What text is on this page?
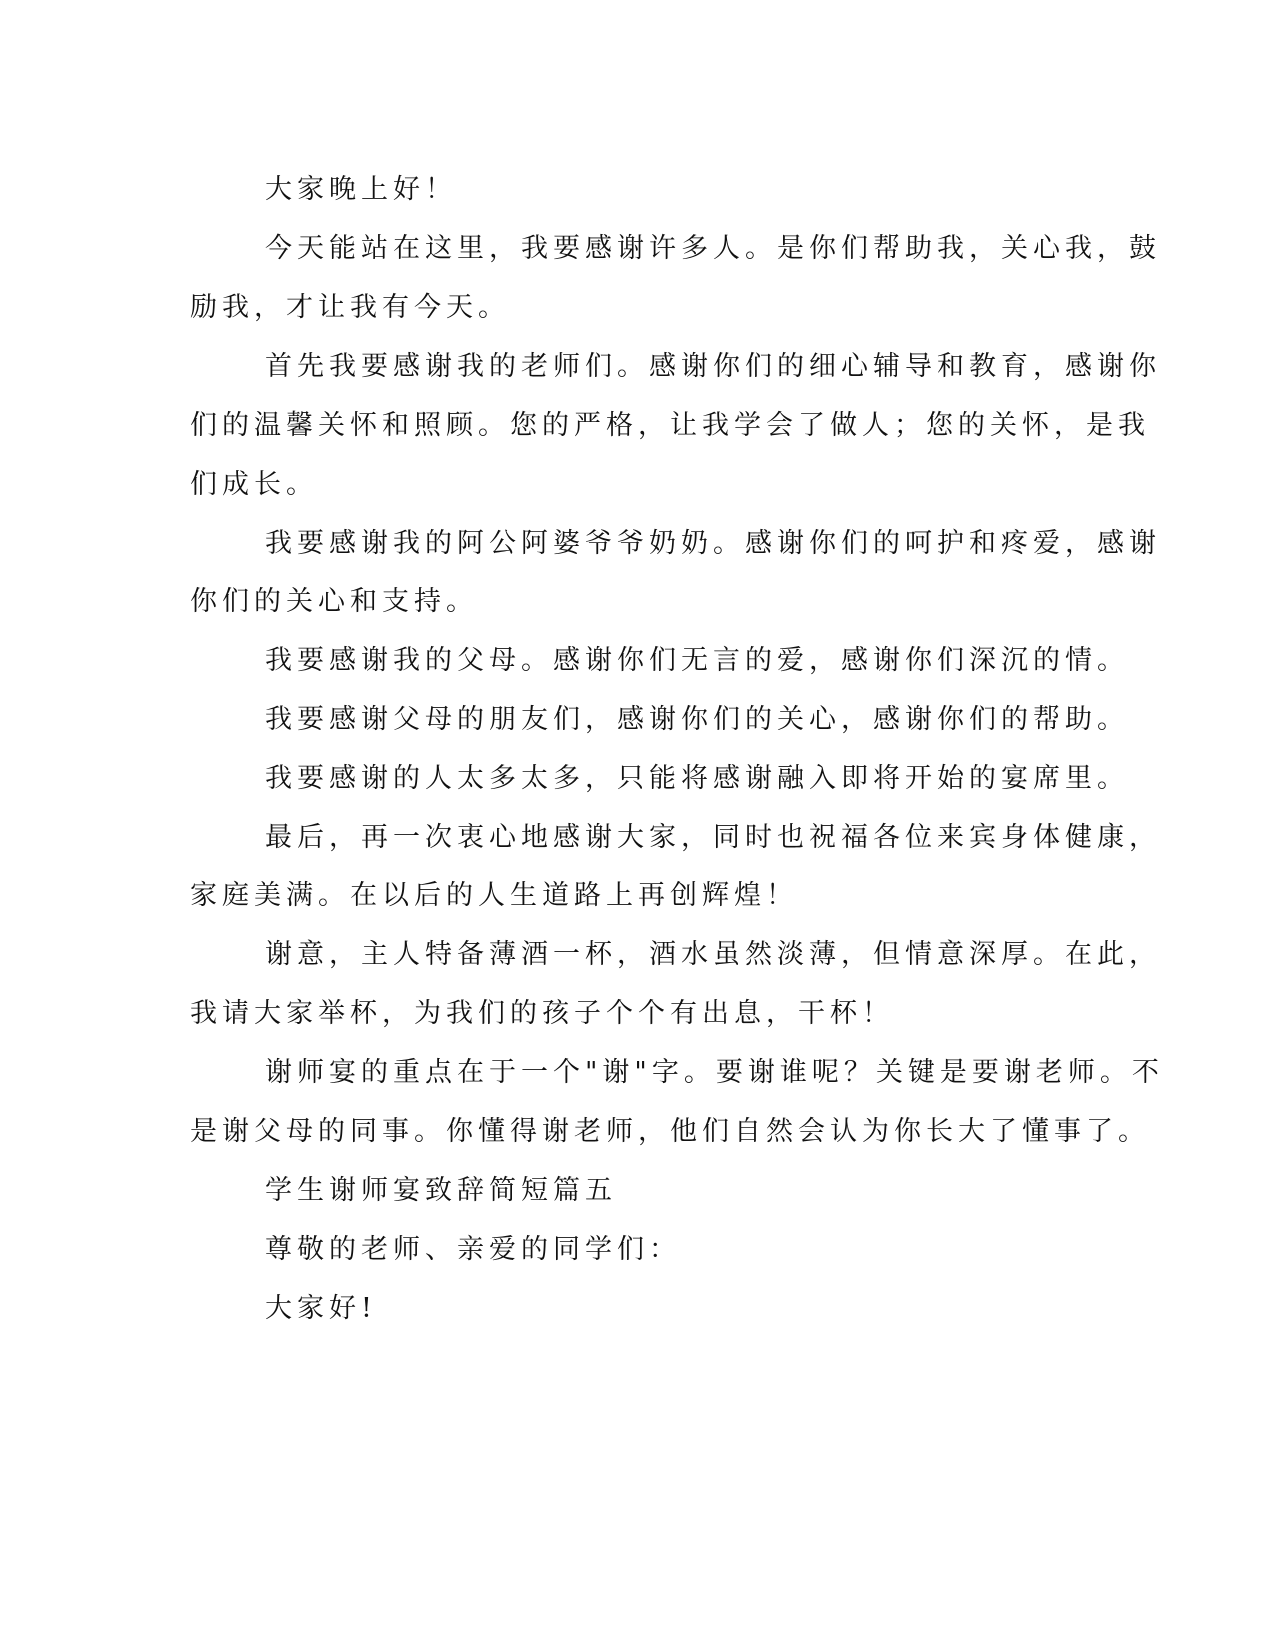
大家晚上好！
今天能站在这里，我要感谢许多人。是你们帮助我，关心我，鼓
励我，才让我有今天。
首先我要感谢我的老师们。感谢你们的细心辅导和教育，感谢你
们的温馨关怀和照顾。您的严格，让我学会了做人；您的关怀，是我
们成长。
我要感谢我的阿公阿婆爷爷奶奶。感谢你们的呵护和疼爱，感谢
你们的关心和支持。
我要感谢我的父母。感谢你们无言的爱，感谢你们深沉的情。
我要感谢父母的朋友们，感谢你们的关心，感谢你们的帮助。
我要感谢的人太多太多，只能将感谢融入即将开始的宴席里。
最后，再一次衷心地感谢大家，同时也祝福各位来宾身体健康，
家庭美满。在以后的人生道路上再创辉煌！
谢意，主人特备薄酒一杯，酒水虽然淡薄，但情意深厚。在此，
我请大家举杯，为我们的孩子个个有出息，干杯！
谢师宴的重点在于一个"谢"字。要谢谁呢？关键是要谢老师。不
是谢父母的同事。你懂得谢老师，他们自然会认为你长大了懂事了。
学生谢师宴致辞简短篇五
尊敬的老师、亲爱的同学们：
大家好!
